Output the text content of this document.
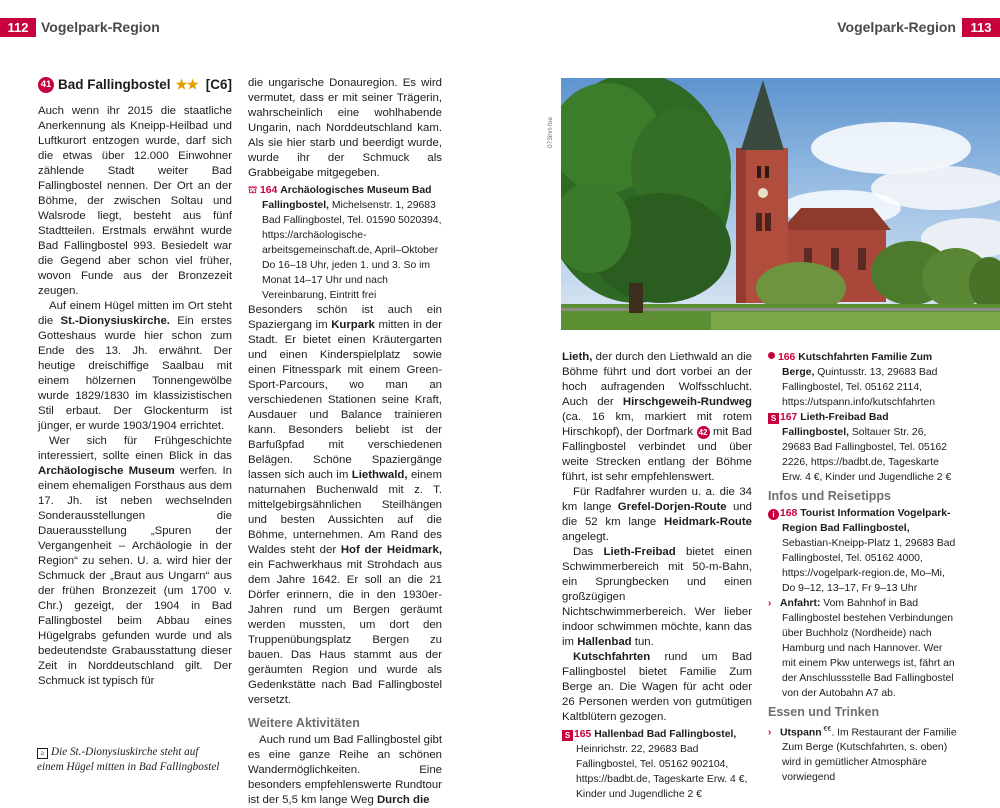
112 Vogelpark-Region	Vogelpark-Region	113
41 Bad Fallingbostel ★★ [C6]

Auch wenn ihr 2015 die staatliche Anerkennung als Kneipp-Heilbad und Luftkurort entzogen wurde, darf sich die etwas über 12.000 Einwohner zählende Stadt weiter Bad Fallingbostel nennen. Der Ort an der Böhme, der zwischen Soltau und Walsrode liegt, besteht aus fünf Stadtteilen. Erstmals erwähnt wurde Bad Fallingbostel 993. Besiedelt war die Gegend aber schon viel früher, wovon Funde aus der Bronzezeit zeugen.

Auf einem Hügel mitten im Ort steht die St.-Dionysiuskirche. Ein erstes Gotteshaus wurde hier schon zum Ende des 13. Jh. erwähnt. Der heutige dreischiffige Saalbau mit einem hölzernen Tonnengewölbe wurde 1829/1830 im klassizistischen Stil erbaut. Der Glockenturm ist jünger, er wurde 1903/1904 errichtet.

Wer sich für Frühgeschichte interessiert, sollte einen Blick in das Archäologische Museum werfen. In einem ehemaligen Forsthaus aus dem 17. Jh. ist neben wechselnden Sonderausstellungen die Dauerausstellung „Spuren der Vergangenheit – Archäologie in der Region“ zu sehen. U. a. wird hier der Schmuck der „Braut aus Ungarn“ aus der frühen Bronzezeit (um 1700 v. Chr.) gezeigt, der 1904 in Bad Fallingbostel beim Abbau eines Hügelgrabs gefunden wurde und als bedeutendste Grabausstattung dieser Zeit in Norddeutschland gilt. Der Schmuck ist typisch für

≥ Die St.-Dionysiuskirche steht auf einem Hügel mitten in Bad Fallingbostel

die ungarische Donauregion. Es wird vermutet, dass er mit seiner Trägerin, wahrscheinlich eine wohlhabende Ungarin, nach Norddeutschland kam. Als sie hier starb und beerdigt wurde, wurde ihr der Schmuck als Grabbeigabe mitgegeben.

⛫ 164 Archäologisches Museum Bad Fallingbostel, Michelsenstr. 1, 29683 Bad Fallingbostel, Tel. 01590 5020394, https://archäologische-arbeitsgemeinschaft.de, April–Oktober Do 16–18 Uhr, jeden 1. und 3. So im Monat 14–17 Uhr und nach Vereinbarung, Eintritt frei

Besonders schön ist auch ein Spaziergang im Kurpark mitten in der Stadt. Er bietet einen Kräutergarten und einen Kinderspielplatz sowie einen Fitnesspark mit einem Green-Sport-Parcours, wo man an verschiedenen Stationen seine Kraft, Ausdauer und Balance trainieren kann. Besonders beliebt ist der Barfußpfad mit verschiedenen Belägen. Schöne Spaziergänge lassen sich auch im Liethwald, einem naturnahen Buchenwald mit z. T. mittelgebirgsähnlichen Steilhängen und besten Aussichten auf die Böhme, unternehmen. Am Rand des Waldes steht der Hof der Heidmark, ein Fachwerkhaus mit Strohdach aus dem Jahre 1642. Er soll an die 21 Dörfer erinnern, die in den 1930er-Jahren rund um Bergen geräumt werden mussten, um dort den Truppenübungsplatz Bergen zu bauen. Das Haus stammt aus der geräumten Region und wurde als Gedenkstätte nach Bad Fallingbostel versetzt.

Weitere Aktivitäten

Auch rund um Bad Fallingbostel gibt es eine ganze Reihe an schönen Wandermöglichkeiten. Eine besonders empfehlenswerte Rundtour ist der 5,5 km lange Weg Durch die

073ihrt-foe

Lieth, der durch den Liethwald an die Böhme führt und dort vorbei an der hoch aufragenden Wolfsschlucht. Auch der Hirschgeweih-Rundweg (ca. 16 km, markiert mit rotem Hirschkopf), der Dorfmark 42 mit Bad Fallingbostel verbindet und über weite Strecken entlang der Böhme führt, ist sehr empfehlenswert.

Für Radfahrer wurden u. a. die 34 km lange Grefel-Dorjen-Route und die 52 km lange Heidmark-Route angelegt.

Das Lieth-Freibad bietet einen Schwimmerbereich mit 50-m-Bahn, ein Sprungbecken und einen großzügigen Nichtschwimmerbereich. Wer lieber indoor schwimmen möchte, kann das im Hallenbad tun.

Kutschfahrten rund um Bad Fallingbostel bietet Familie Zum Berge an. Die Wagen für acht oder 26 Personen werden von gutmütigen Kaltblütern gezogen.

S 165 Hallenbad Bad Fallingbostel, Heinrichstr. 22, 29683 Bad Fallingbostel, Tel. 05162 902104, https://badbt.de, Tageskarte Erw. 4 €, Kinder und Jugendliche 2 €

166 Kutschfahrten Familie Zum Berge, Quintusstr. 13, 29683 Bad Fallingbostel, Tel. 05162 2114, https://utspann.info/kutschfahrten

S 167 Lieth-Freibad Bad Fallingbostel, Soltauer Str. 26, 29683 Bad Fallingbostel, Tel. 05162 2226, https://badbt.de, Tageskarte Erw. 4 €, Kinder und Jugendliche 2 €

Infos und Reisetipps

i 168 Tourist Information Vogelpark-Region Bad Fallingbostel, Sebastian-Kneipp-Platz 1, 29683 Bad Fallingbostel, Tel. 05162 4000, https://vogelpark-region.de, Mo–Mi, Do 9–12, 13–17, Fr 9–13 Uhr

› Anfahrt: Vom Bahnhof in Bad Fallingbostel bestehen Verbindungen über Buchholz (Nordheide) nach Hamburg und nach Hannover. Wer mit einem Pkw unterwegs ist, fährt an der Anschlussstelle Bad Fallingbostel von der Autobahn A7 ab.

Essen und Trinken

› Utspann €€. Im Restaurant der Familie Zum Berge (Kutschfahrten, s. oben) wird in gemütlicher Atmosphäre vorwiegend
